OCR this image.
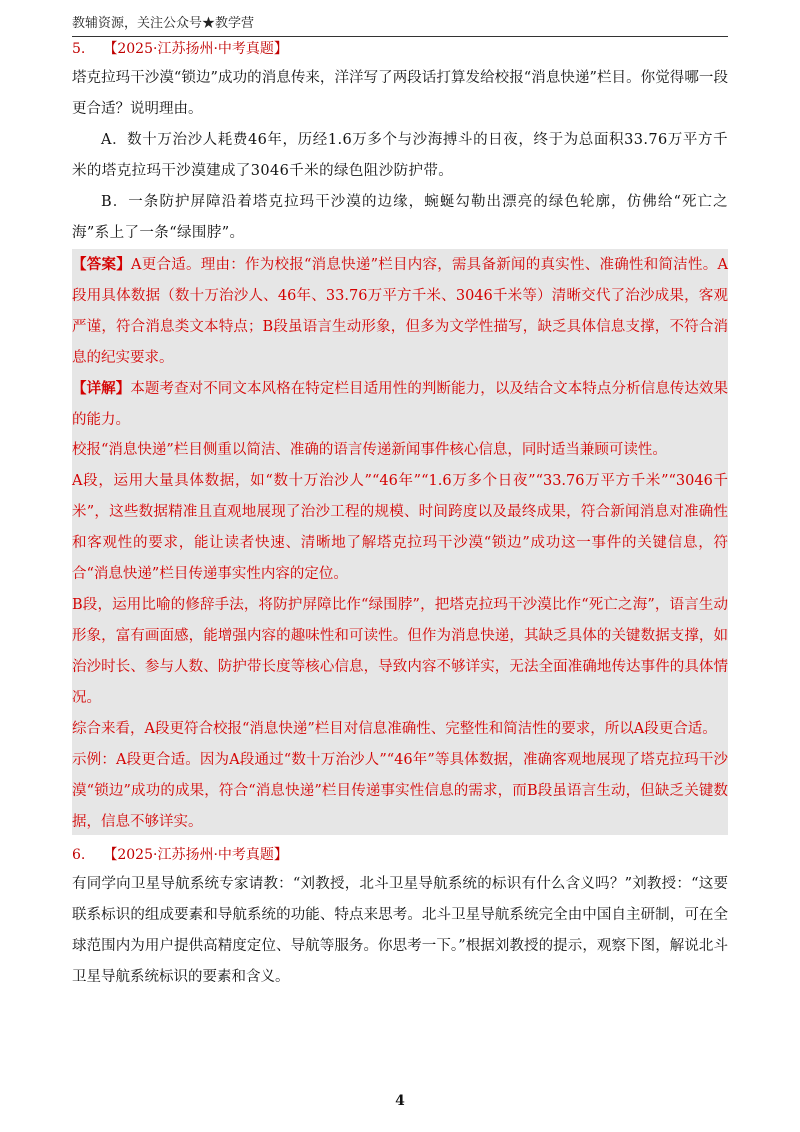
教辅资源，关注公众号★教学营
5. 【2025·江苏扬州·中考真题】
塔克拉玛干沙漠“锁边”成功的消息传来，洋洋写了两段话打算发给校报“消息快递”栏目。你觉得哪一段更合适？说明理由。
A．数十万治沙人耗费46年，历经1.6万多个与沙海搏斗的日夜，终于为总面积33.76万平方千米的塔克拉玛干沙漠建成了3046千米的绿色阻沙防护带。
B．一条防护屏障沿着塔克拉玛干沙漠的边缘，蜿蜒勾勒出漂亮的绿色轮廓，仿佛给“死亡之海”系上了一条“绿围脖”。
【答案】A更合适。理由：作为校报“消息快递”栏目内容，需具备新闻的真实性、准确性和简洁性。A段用具体数据（数十万治沙人、46年、33.76万平方千米、3046千米等）清晰交代了治沙成果，客观严谨，符合消息类文本特点；B段虽语言生动形象，但多为文学性描写，缺乏具体信息支撑，不符合消息的纪实要求。
【详解】本题考查对不同文本风格在特定栏目适用性的判断能力，以及结合文本特点分析信息传达效果的能力。
校报“消息快递”栏目侧重以简洁、准确的语言传递新闻事件核心信息，同时适当兼顾可读性。
A段，运用大量具体数据，如“数十万治沙人”“46年”“1.6万多个日夜”“33.76万平方千米”“3046千米”，这些数据精准且直观地展现了治沙工程的规模、时间跨度以及最终成果，符合新闻消息对准确性和客观性的要求，能让读者快速、清晰地了解塔克拉玛干沙漠“锁边”成功这一事件的关键信息，符合“消息快递”栏目传递事实性内容的定位。
B段，运用比喻的修辞手法，将防护屏障比作“绿围脖”，把塔克拉玛干沙漠比作“死亡之海”，语言生动形象，富有画面感，能增强内容的趣味性和可读性。但作为消息快递，其缺乏具体的关键数据支撑，如治沙时长、参与人数、防护带长度等核心信息，导致内容不够详实，无法全面准确地传达事件的具体情况。
综合来看，A段更符合校报“消息快递”栏目对信息准确性、完整性和简洁性的要求，所以A段更合适。
示例：A段更合适。因为A段通过“数十万治沙人”“46年”等具体数据，准确客观地展现了塔克拉玛干沙漠“锁边”成功的成果，符合“消息快递”栏目传递事实性信息的需求，而B段虽语言生动，但缺乏关键数据，信息不够详实。
6. 【2025·江苏扬州·中考真题】
有同学向卫星导航系统专家请教：“刘教授，北斗卫星导航系统的标识有什么含义吗？”刘教授：“这要联系标识的组成要素和导航系统的功能、特点来思考。北斗卫星导航系统完全由中国自主研制，可在全球范围内为用户提供高精度定位、导航等服务。你思考一下。”根据刘教授的提示，观察下图，解说北斗卫星导航系统标识的要素和含义。
4
